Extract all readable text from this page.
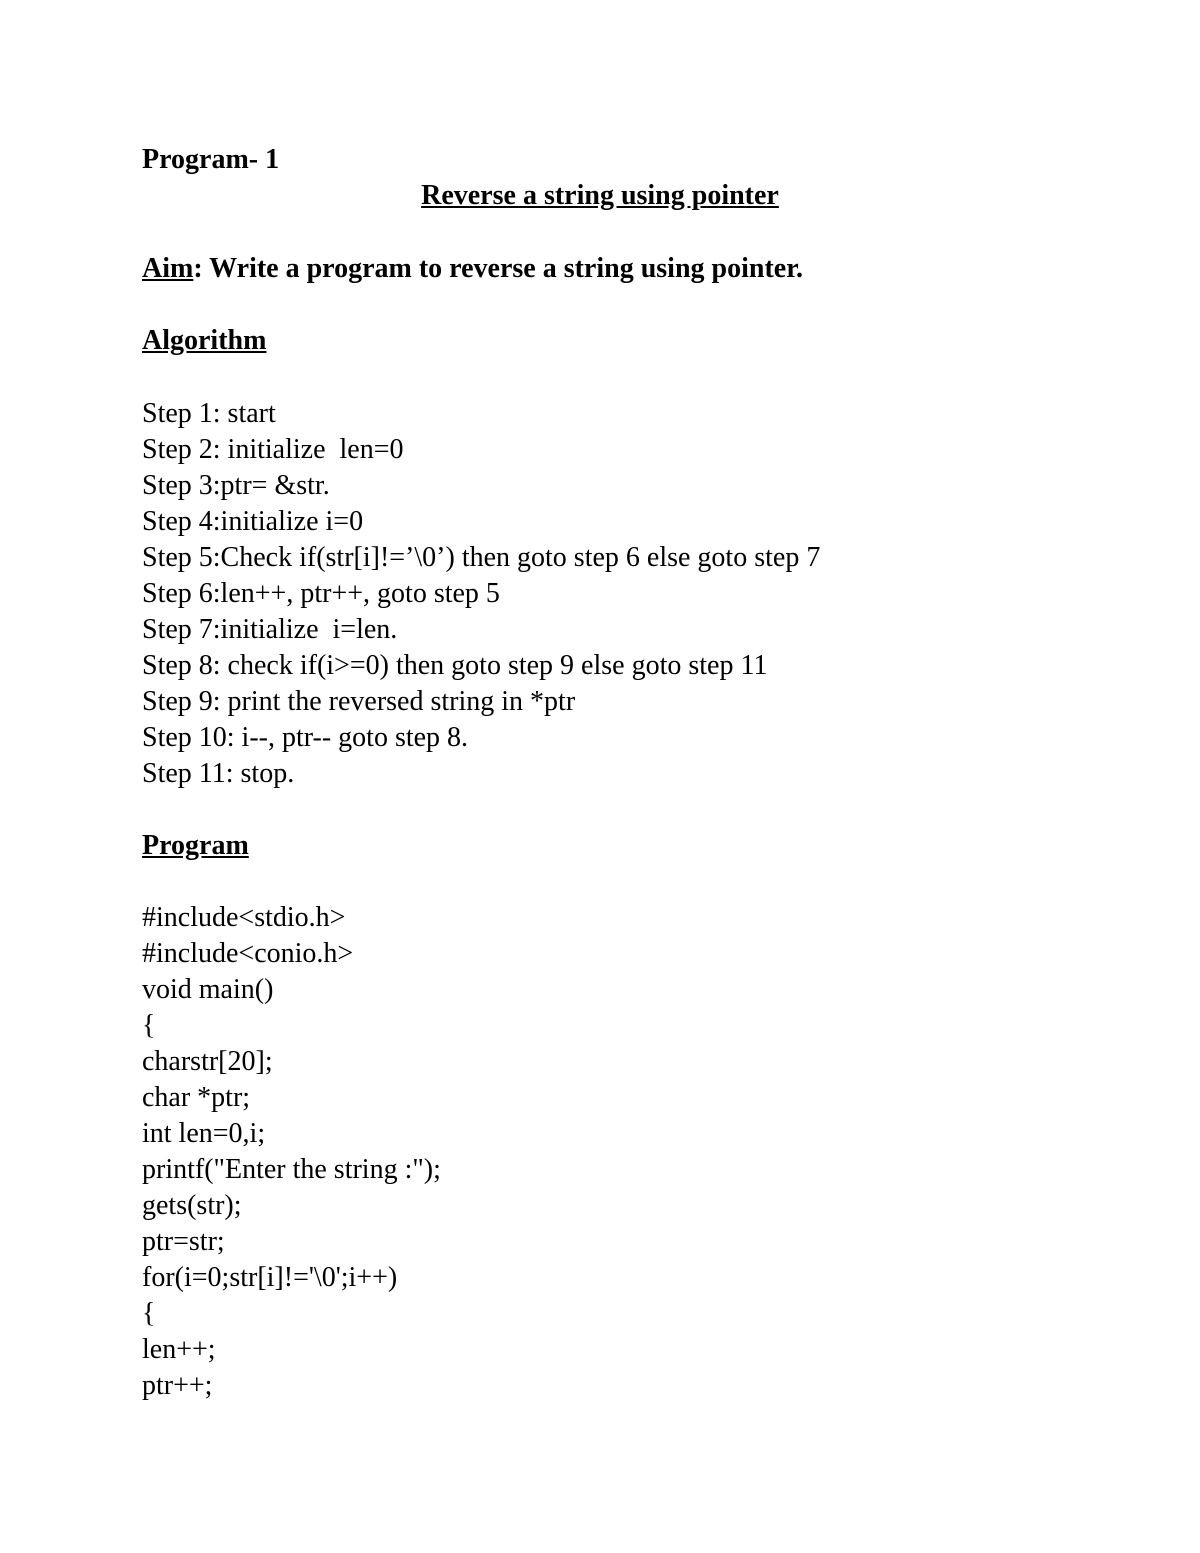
Program- 1
Reverse a string using pointer
Aim: Write a program to reverse a string using pointer.
Algorithm
Step 1: start
Step 2: initialize  len=0
Step 3:ptr= &str.
Step 4:initialize i=0
Step 5:Check if(str[i]!=’\0’) then goto step 6 else goto step 7
Step 6:len++, ptr++, goto step 5
Step 7:initialize  i=len.
Step 8: check if(i>=0) then goto step 9 else goto step 11
Step 9: print the reversed string in *ptr
Step 10: i--, ptr-- goto step 8.
Step 11: stop.
Program
#include<stdio.h>
#include<conio.h>
void main()
{
charstr[20];
char *ptr;
int len=0,i;
printf("Enter the string :");
gets(str);
ptr=str;
for(i=0;str[i]!='\0';i++)
{
len++;
ptr++;
